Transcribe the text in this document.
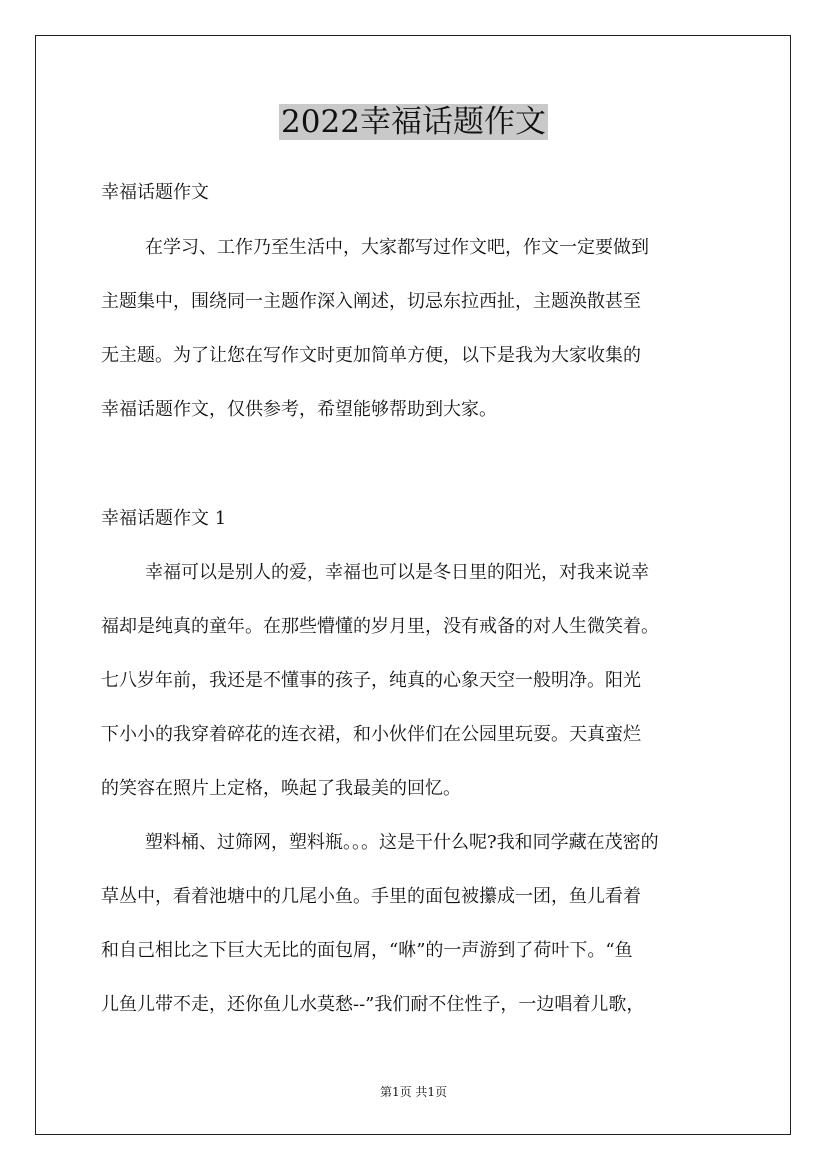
2022幸福话题作文
幸福话题作文
在学习、工作乃至生活中，大家都写过作文吧，作文一定要做到
主题集中，围绕同一主题作深入阐述，切忌东拉西扯，主题涣散甚至
无主题。为了让您在写作文时更加简单方便，以下是我为大家收集的
幸福话题作文，仅供参考，希望能够帮助到大家。
幸福话题作文 1
幸福可以是别人的爱，幸福也可以是冬日里的阳光，对我来说幸
福却是纯真的童年。在那些懵懂的岁月里，没有戒备的对人生微笑着。
七八岁年前，我还是不懂事的孩子，纯真的心象天空一般明净。阳光
下小小的我穿着碎花的连衣裙，和小伙伴们在公园里玩耍。天真蛮烂
的笑容在照片上定格，唤起了我最美的回忆。
塑料桶、过筛网，塑料瓶。。。这是干什么呢?我和同学藏在茂密的
草丛中，看着池塘中的几尾小鱼。手里的面包被攥成一团，鱼儿看着
和自己相比之下巨大无比的面包屑，“咻”的一声游到了荷叶下。“鱼
儿鱼儿带不走，还你鱼儿水莫愁--”我们耐不住性子，一边唱着儿歌，
第1页 共1页
